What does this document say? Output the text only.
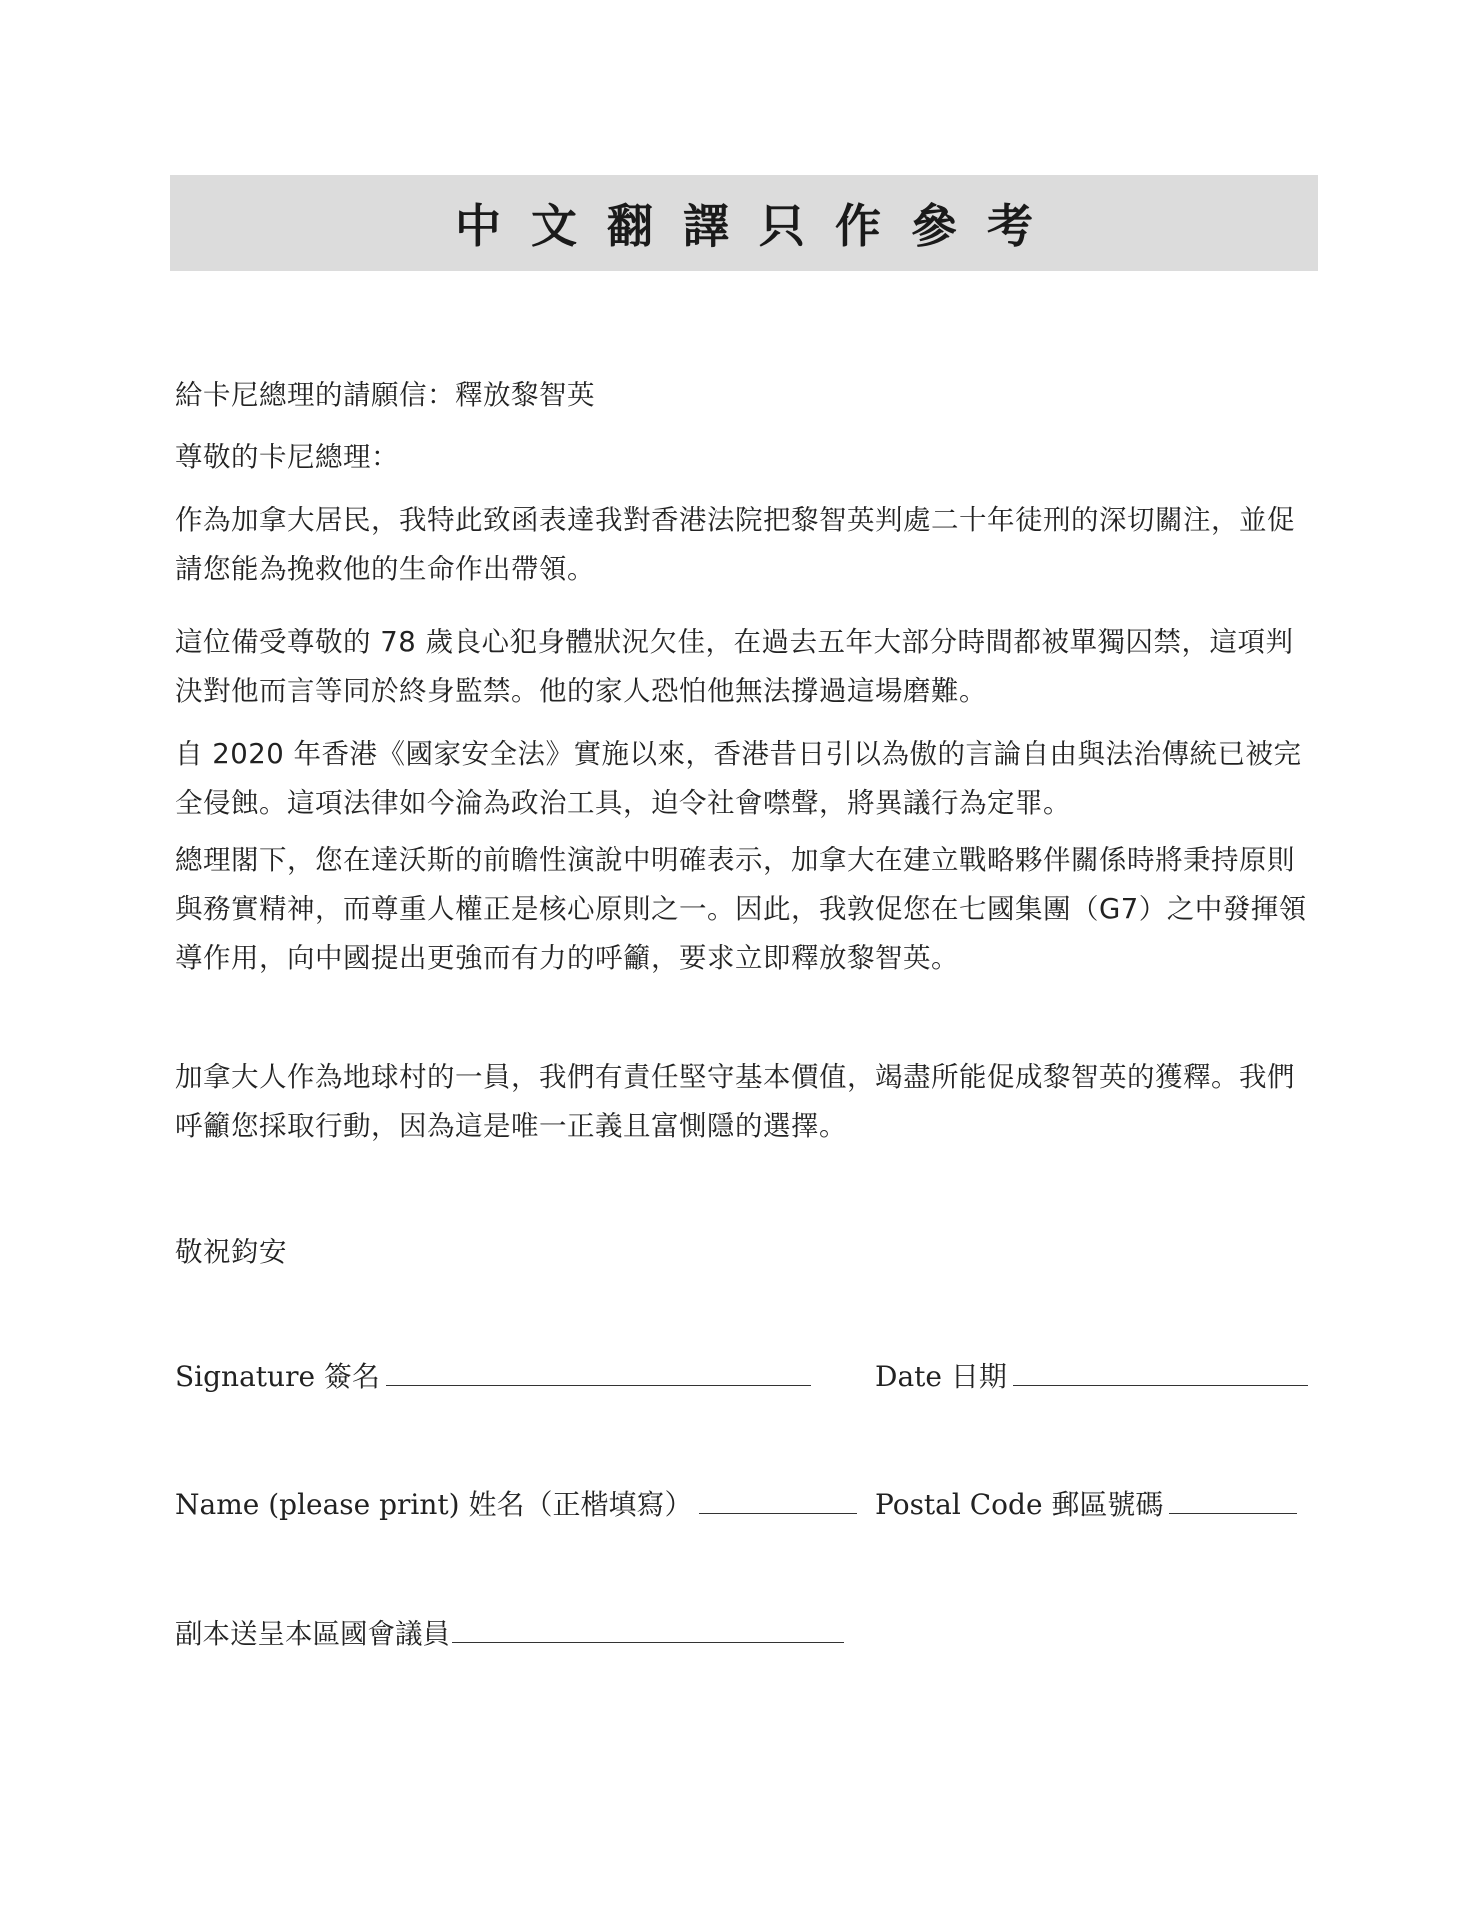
中文翻譯只作參考

給卡尼總理的請願信：釋放黎智英

尊敬的卡尼總理：

作為加拿大居民，我特此致函表達我對香港法院把黎智英判處二十年徒刑的深切關注，並促請您能為挽救他的生命作出帶領。

這位備受尊敬的 78 歲良心犯身體狀況欠佳，在過去五年大部分時間都被單獨囚禁，這項判決對他而言等同於終身監禁。他的家人恐怕他無法撐過這場磨難。

自 2020 年香港《國家安全法》實施以來，香港昔日引以為傲的言論自由與法治傳統已被完全侵蝕。這項法律如今淪為政治工具，迫令社會噤聲，將異議行為定罪。

總理閣下，您在達沃斯的前瞻性演說中明確表示，加拿大在建立戰略夥伴關係時將秉持原則與務實精神，而尊重人權正是核心原則之一。因此，我敦促您在七國集團（G7）之中發揮領導作用，向中國提出更強而有力的呼籲，要求立即釋放黎智英。

加拿大人作為地球村的一員，我們有責任堅守基本價值，竭盡所能促成黎智英的獲釋。我們呼籲您採取行動，因為這是唯一正義且富惻隱的選擇。

敬祝鈞安

Signature 簽名	Date 日期
Name (please print) 姓名（正楷填寫）	Postal Code 郵區號碼
副本送呈本區國會議員
